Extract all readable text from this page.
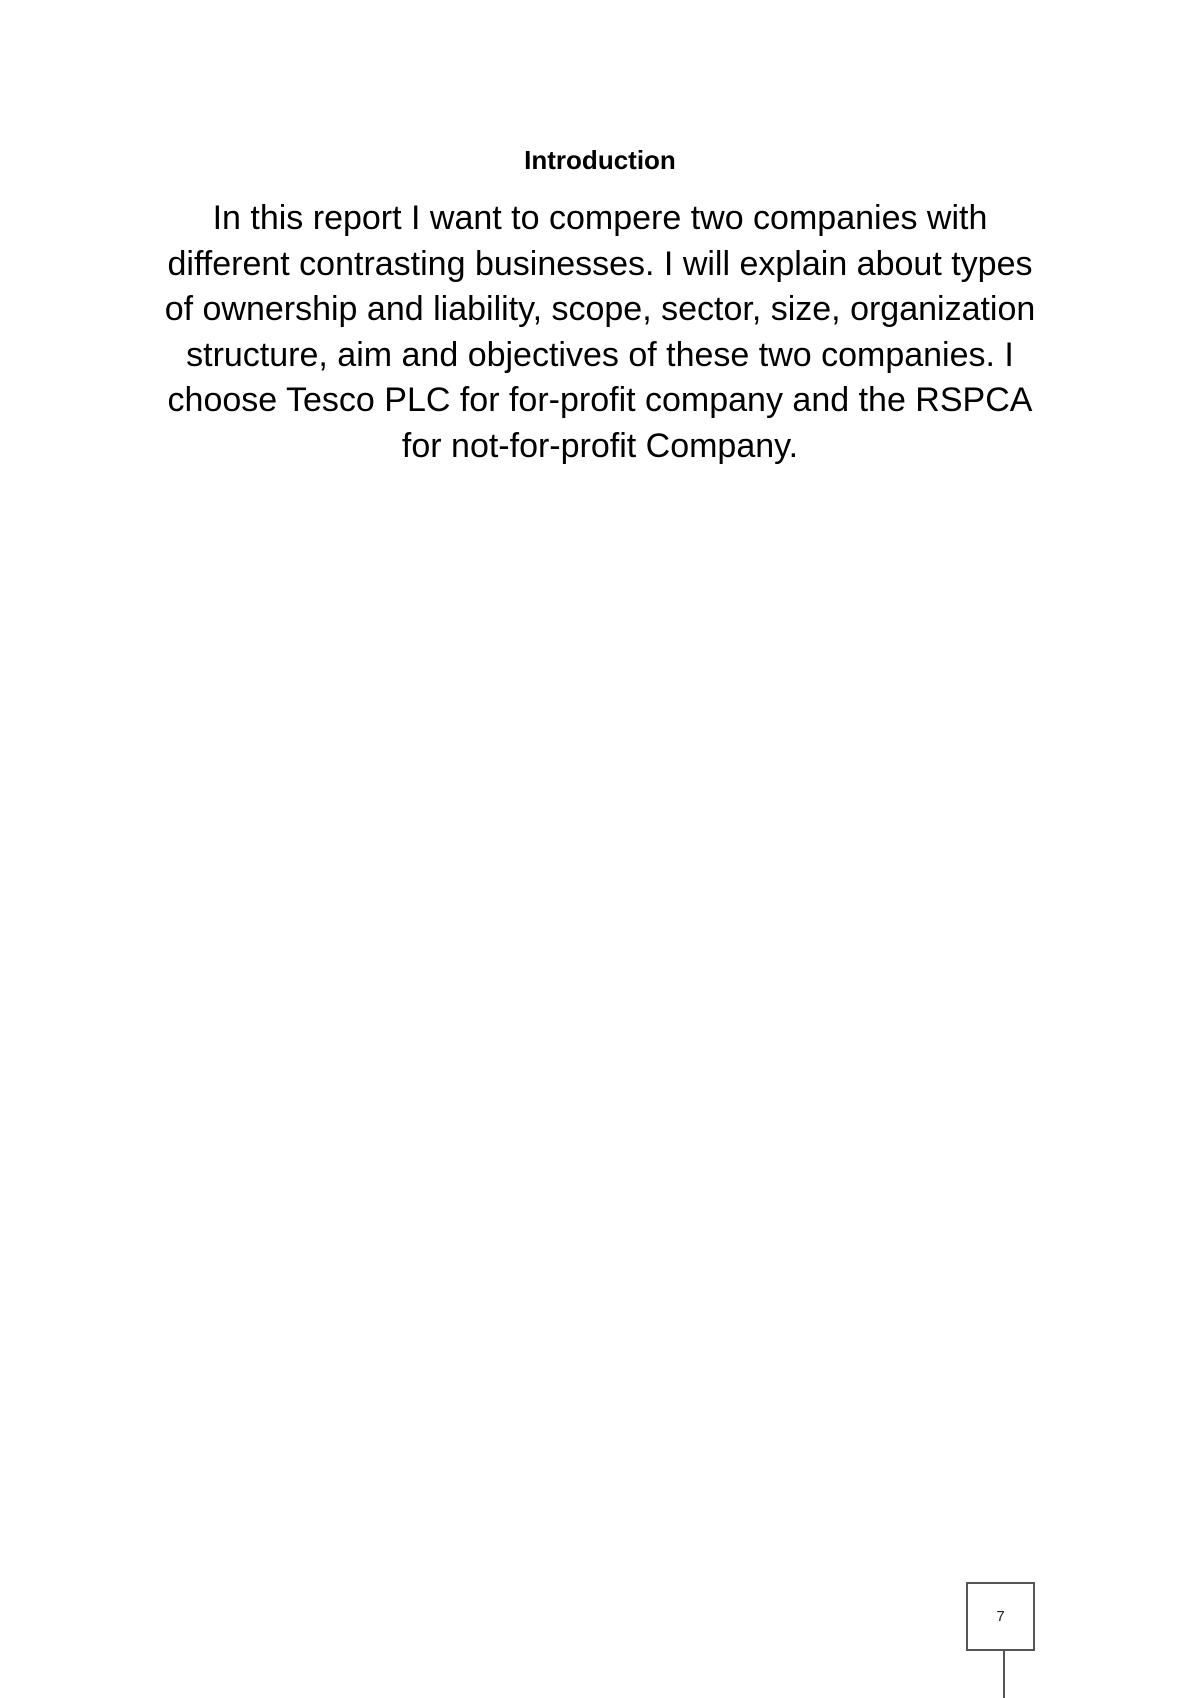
Introduction
In this report I want to compere two companies with different contrasting businesses. I will explain about types of ownership and liability, scope, sector, size, organization structure, aim and objectives of these two companies. I choose Tesco PLC for for-profit company and the RSPCA for not-for-profit Company.
7
